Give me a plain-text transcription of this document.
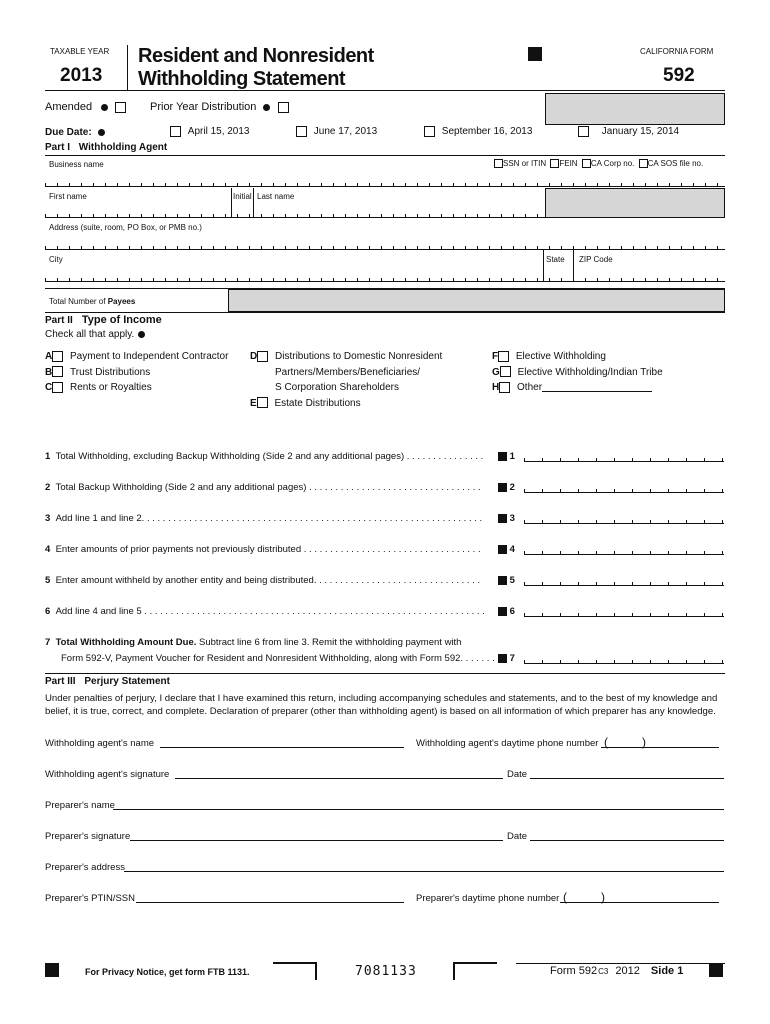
TAXABLE YEAR
2013
Resident and Nonresident
Withholding Statement
CALIFORNIA FORM
592
Amended	Prior Year Distribution
Due Date:	April 15, 2013	June 17, 2013	September 16, 2013	January 15, 2014
Part I Withholding Agent
Business name	SSN or ITIN FEIN CA Corp no. CA SOS file no.
First name	Initial Last name
Address (suite, room, PO Box, or PMB no.)
City	State ZIP Code
Total Number of Payees
Part II Type of Income
Check all that apply.
A Payment to Independent Contractor
B Trust Distributions
C Rents or Royalties
D Distributions to Domestic Nonresident
Partners/Members/Beneficiaries/
S Corporation Shareholders
E Estate Distributions
F Elective Withholding
G Elective Withholding/Indian Tribe
H Other
1 Total Withholding, excluding Backup Withholding (Side 2 and any additional pages) . . . . . . . . . . . . . . .
2 Total Backup Withholding (Side 2 and any additional pages) . . . . . . . . . . . . . . . . . . . . . . . . . . . . . . . . .
3 Add line 1 and line 2. . . . . . . . . . . . . . . . . . . . . . . . . . . . . . . . . . . . . . . . . . . . . . . . . . . . . . . . . . . . . . . . .
4 Enter amounts of prior payments not previously distributed . . . . . . . . . . . . . . . . . . . . . . . . . . . . . . . . . .
5 Enter amount withheld by another entity and being distributed. . . . . . . . . . . . . . . . . . . . . . . . . . . . . . . .
6 Add line 4 and line 5 . . . . . . . . . . . . . . . . . . . . . . . . . . . . . . . . . . . . . . . . . . . . . . . . . . . . . . . . . . . . . . . . .
1
2
3
4
5
6
7 Total Withholding Amount Due. Subtract line 6 from line 3. Remit the withholding payment with
Form 592-V, Payment Voucher for Resident and Nonresident Withholding, along with Form 592. . . . . . .	7
Part III Perjury Statement
Under penalties of perjury, I declare that I have examined this return, including accompanying schedules and statements, and to the best of my knowledge and belief, it is true, correct, and complete. Declaration of preparer (other than withholding agent) is based on all information of which preparer has any knowledge.
Withholding agent's name	Withholding agent's daytime phone number (	)
Withholding agent's signature	Date
Preparer's name
Preparer's signature	Date
Preparer's address
Preparer's PTIN/SSN	Preparer's daytime phone number (	)
For Privacy Notice, get form FTB 1131.	7081133	Form 592C3 2012 Side 1
